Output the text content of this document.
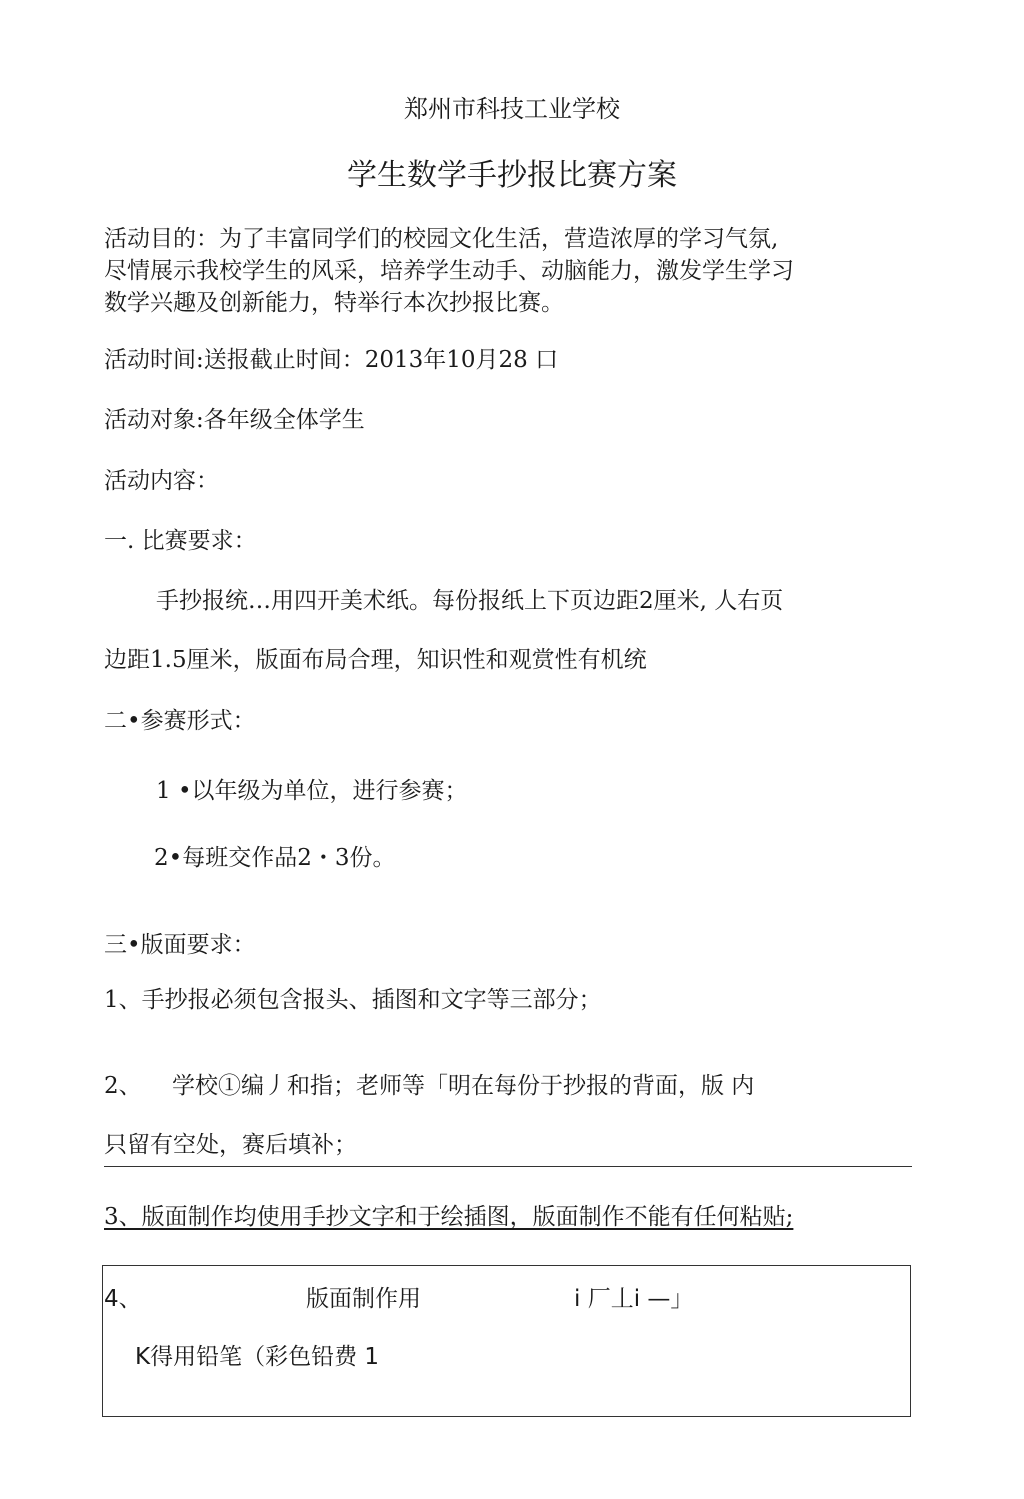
郑州市科技工业学校
学生数学手抄报比赛方案
活动目的：为了丰富同学们的校园文化生活，营造浓厚的学习气氛,
尽情展示我校学生的风采，培养学生动手、动脑能力，激发学生学习
数学兴趣及创新能力，特举行本次抄报比赛。
活动时间:送报截止时间：2013年10月28 口
活动对象:各年级全体学生
活动内容：
一. 比赛要求：
手抄报统…用四开美术纸。每份报纸上下页边距2厘米, 人右页
边距1.5厘米，版面布局合理，知识性和观赏性有机统
二•参赛形式：
1 •以年级为单位，进行参赛；
2•每班交作品2・3份。
三•版面要求：
1、手抄报必须包含报头、插图和文字等三部分；
2、 学校①编丿和指；老师等「明在每份于抄报的背面，版 内
只留有空处，赛后填补；
3、版面制作均使用手抄文字和于绘插图，版面制作不能有任何粘贴;
4、	版面制作用	i 厂丄i —」
K得用铅笔（彩色铅费 1
